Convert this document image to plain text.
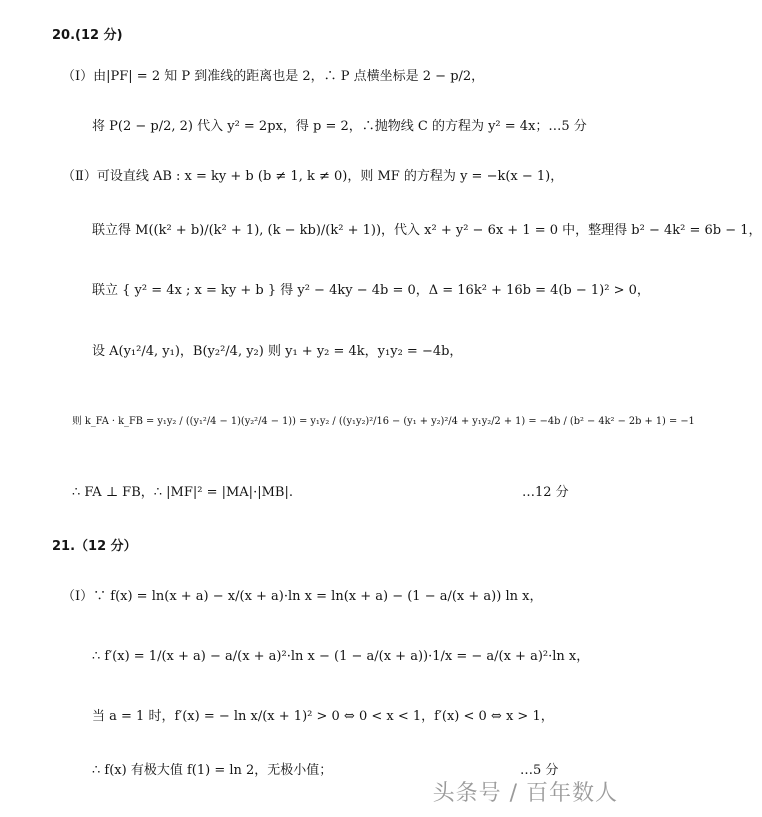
20.(12 分)
（Ⅰ）由|PF| = 2 知 P 到准线的距离也是 2，∴ P 点横坐标是 2 − p/2，
将 P(2 − p/2, 2) 代入 y² = 2px，得 p = 2，∴抛物线 C 的方程为 y² = 4x；…5 分
（Ⅱ）可设直线 AB : x = ky + b (b ≠ 1, k ≠ 0)，则 MF 的方程为 y = −k(x − 1)，
联立得 M((k² + b)/(k² + 1), (k − kb)/(k² + 1))，代入 x² + y² − 6x + 1 = 0 中，整理得 b² − 4k² = 6b − 1，
联立 { y² = 4x ; x = ky + b } 得 y² − 4ky − 4b = 0，Δ = 16k² + 16b = 4(b − 1)² > 0，
设 A(y₁²/4, y₁)，B(y₂²/4, y₂) 则 y₁ + y₂ = 4k，y₁y₂ = −4b，
则 k_FA · k_FB = y₁y₂ / ((y₁²/4 − 1)(y₂²/4 − 1)) = y₁y₂ / ((y₁y₂)²/16 − (y₁ + y₂)²/4 + y₁y₂/2 + 1) = −4b / (b² − 4k² − 2b + 1) = −1
∴ FA ⊥ FB，∴ |MF|² = |MA|·|MB|.	…12 分
21.（12 分）
（Ⅰ）∵ f(x) = ln(x + a) − x/(x + a)·ln x = ln(x + a) − (1 − a/(x + a)) ln x，
∴ f′(x) = 1/(x + a) − a/(x + a)²·ln x − (1 − a/(x + a))·1/x = − a/(x + a)²·ln x，
当 a = 1 时，f′(x) = − ln x/(x + 1)² > 0 ⇔ 0 < x < 1，f′(x) < 0 ⇔ x > 1，
∴ f(x) 有极大值 f(1) = ln 2，无极小值；	…5 分
头条号 / 百年数人
